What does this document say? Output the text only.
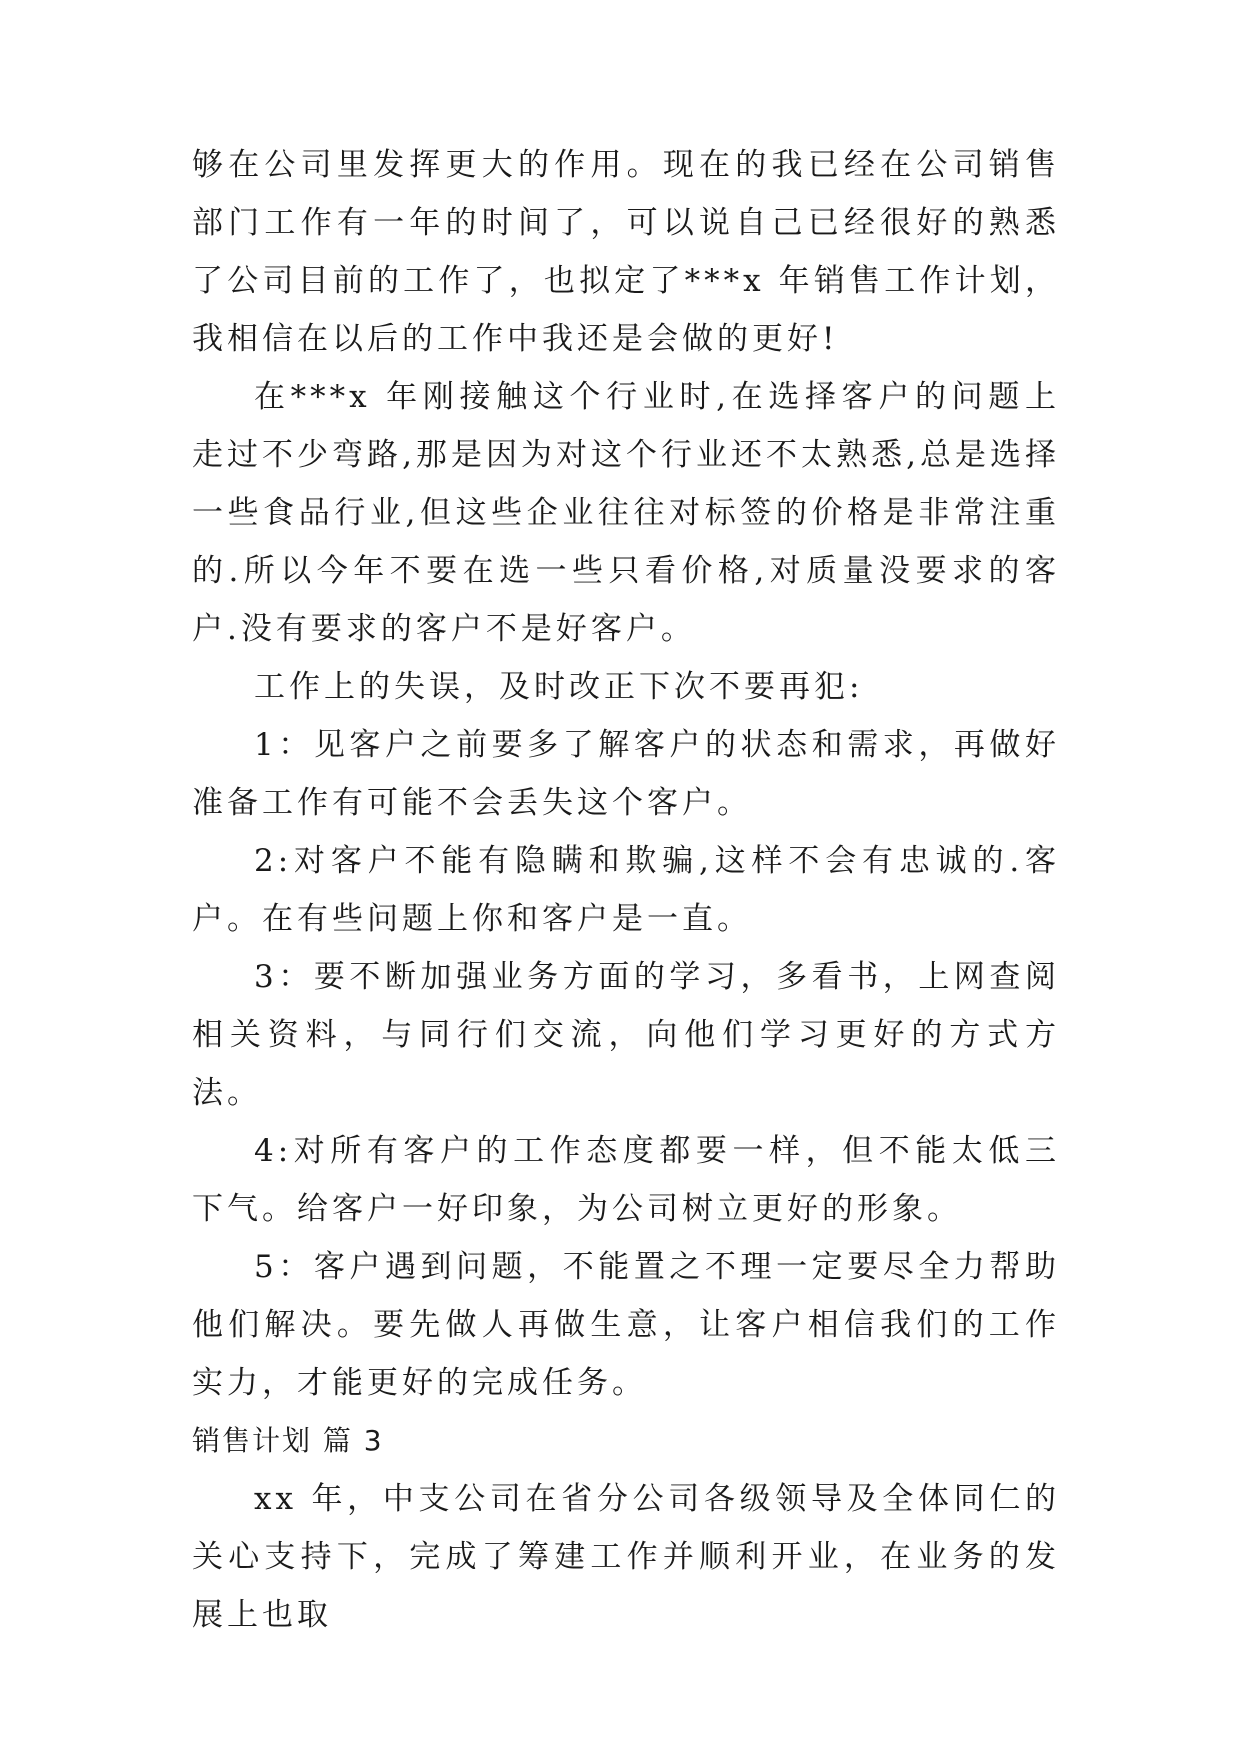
够在公司里发挥更大的作用。现在的我已经在公司销售部门工作有一年的时间了，可以说自己已经很好的熟悉了公司目前的工作了，也拟定了***x 年销售工作计划，我相信在以后的工作中我还是会做的更好!

在***x 年刚接触这个行业时,在选择客户的问题上走过不少弯路,那是因为对这个行业还不太熟悉,总是选择一些食品行业,但这些企业往往对标签的价格是非常注重的.所以今年不要在选一些只看价格,对质量没要求的客户.没有要求的客户不是好客户。

工作上的失误，及时改正下次不要再犯:

1：见客户之前要多了解客户的状态和需求，再做好准备工作有可能不会丢失这个客户。

2:对客户不能有隐瞒和欺骗,这样不会有忠诚的.客户。在有些问题上你和客户是一直。

3：要不断加强业务方面的学习，多看书，上网查阅相关资料，与同行们交流，向他们学习更好的方式方法。

4:对所有客户的工作态度都要一样，但不能太低三下气。给客户一好印象，为公司树立更好的形象。

5：客户遇到问题，不能置之不理一定要尽全力帮助他们解决。要先做人再做生意，让客户相信我们的工作实力，才能更好的完成任务。

销售计划 篇 3

xx 年，中支公司在省分公司各级领导及全体同仁的关心支持下，完成了筹建工作并顺利开业，在业务的发展上也取
